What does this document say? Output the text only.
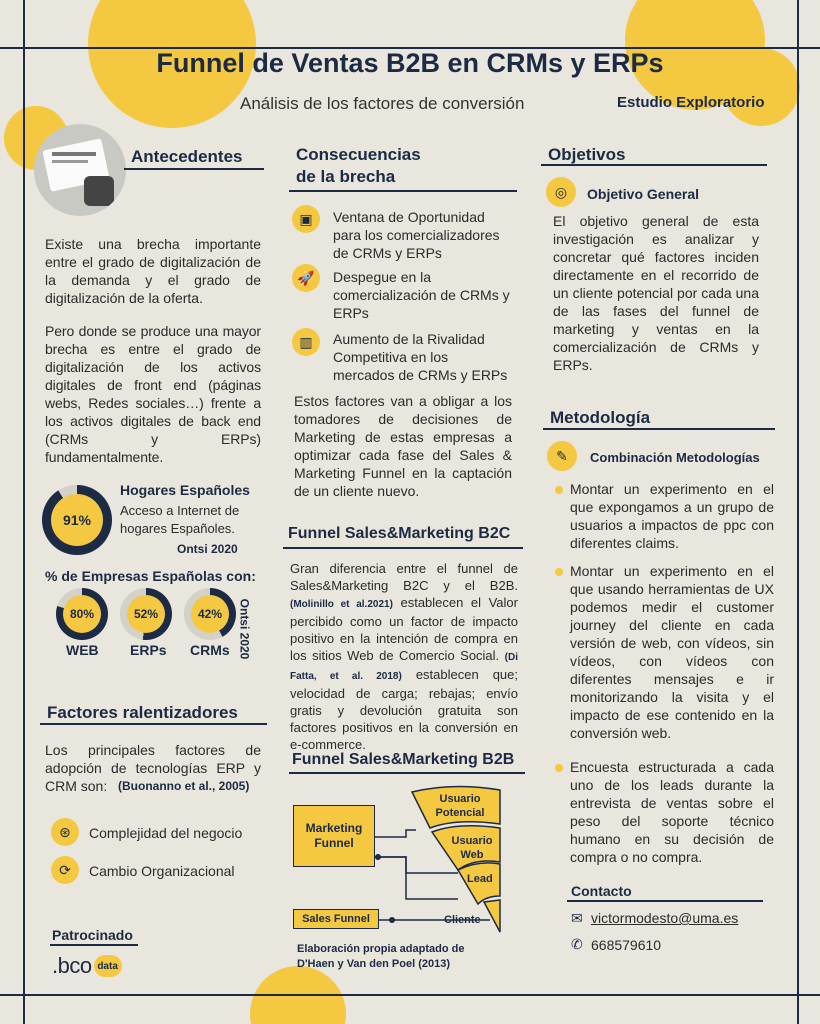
Funnel de Ventas B2B en CRMs y ERPs
Análisis de los factores de conversión	Estudio Exploratorio
Antecedentes
Existe una brecha importante entre el grado de digitalización de la demanda y el grado de digitalización de la oferta.
Pero donde se produce una mayor brecha es entre el grado de digitalización de los activos digitales de front end (páginas webs, Redes sociales…) frente a los activos digitales de back end (CRMs y ERPs) fundamentalmente.
91%
Hogares Españoles
Acceso a Internet de hogares Españoles.
Ontsi 2020
% de Empresas Españolas con:
80%
WEB
52%
ERPs
42%
CRMs Ontsi 2020
Factores ralentizadores
Los principales factores de adopción de tecnologías ERP y CRM son: (Buonanno et al., 2005)
⊛	Complejidad del negocio
⟳	Cambio Organizacional
Patrocinado
.bco data
Consecuencias
de la brecha
▣	Ventana de Oportunidad para los comercializadores de CRMs y ERPs
🚀	Despegue en la comercialización de CRMs y ERPs
▥	Aumento de la Rivalidad Competitiva en los mercados de CRMs y ERPs
Estos factores van a obligar a los tomadores de decisiones de Marketing de estas empresas a optimizar cada fase del Sales & Marketing Funnel en la captación de un cliente nuevo.
Funnel Sales&Marketing B2C
Gran diferencia entre el funnel de Sales&Marketing B2C y el B2B. (Molinillo et al.2021) establecen el Valor percibido como un factor de impacto positivo en la intención de compra en los sitios Web de Comercio Social. (Di Fatta, et al. 2018) establecen que; velocidad de carga; rebajas; envío gratis y devolución gratuita son factores positivos en la conversión en e-commerce.
Funnel Sales&Marketing B2B
Marketing Funnel
Sales Funnel
Usuario Potencial
Usuario Web
Lead
Cliente
Elaboración propia adaptado de D'Haen y Van den Poel (2013)
Objetivos
◎	Objetivo General
El objetivo general de esta investigación es analizar y concretar qué factores inciden directamente en el recorrido de un cliente potencial por cada una de las fases del funnel de marketing y ventas en la comercialización de CRMs y ERPs.
Metodología
✎	Combinación Metodologías
Montar un experimento en el que expongamos a un grupo de usuarios a impactos de ppc con diferentes claims.
Montar un experimento en el que usando herramientas de UX podemos medir el customer journey del cliente en cada versión de web, con vídeos, sin vídeos, con vídeos con diferentes mensajes e ir monitorizando la visita y el impacto de ese contenido en la conversión web.
Encuesta estructurada a cada uno de los leads durante la entrevista de ventas sobre el peso del soporte técnico humano en su decisión de compra o no compra.
Contacto
✉ victormodesto@uma.es
✆ 668579610
